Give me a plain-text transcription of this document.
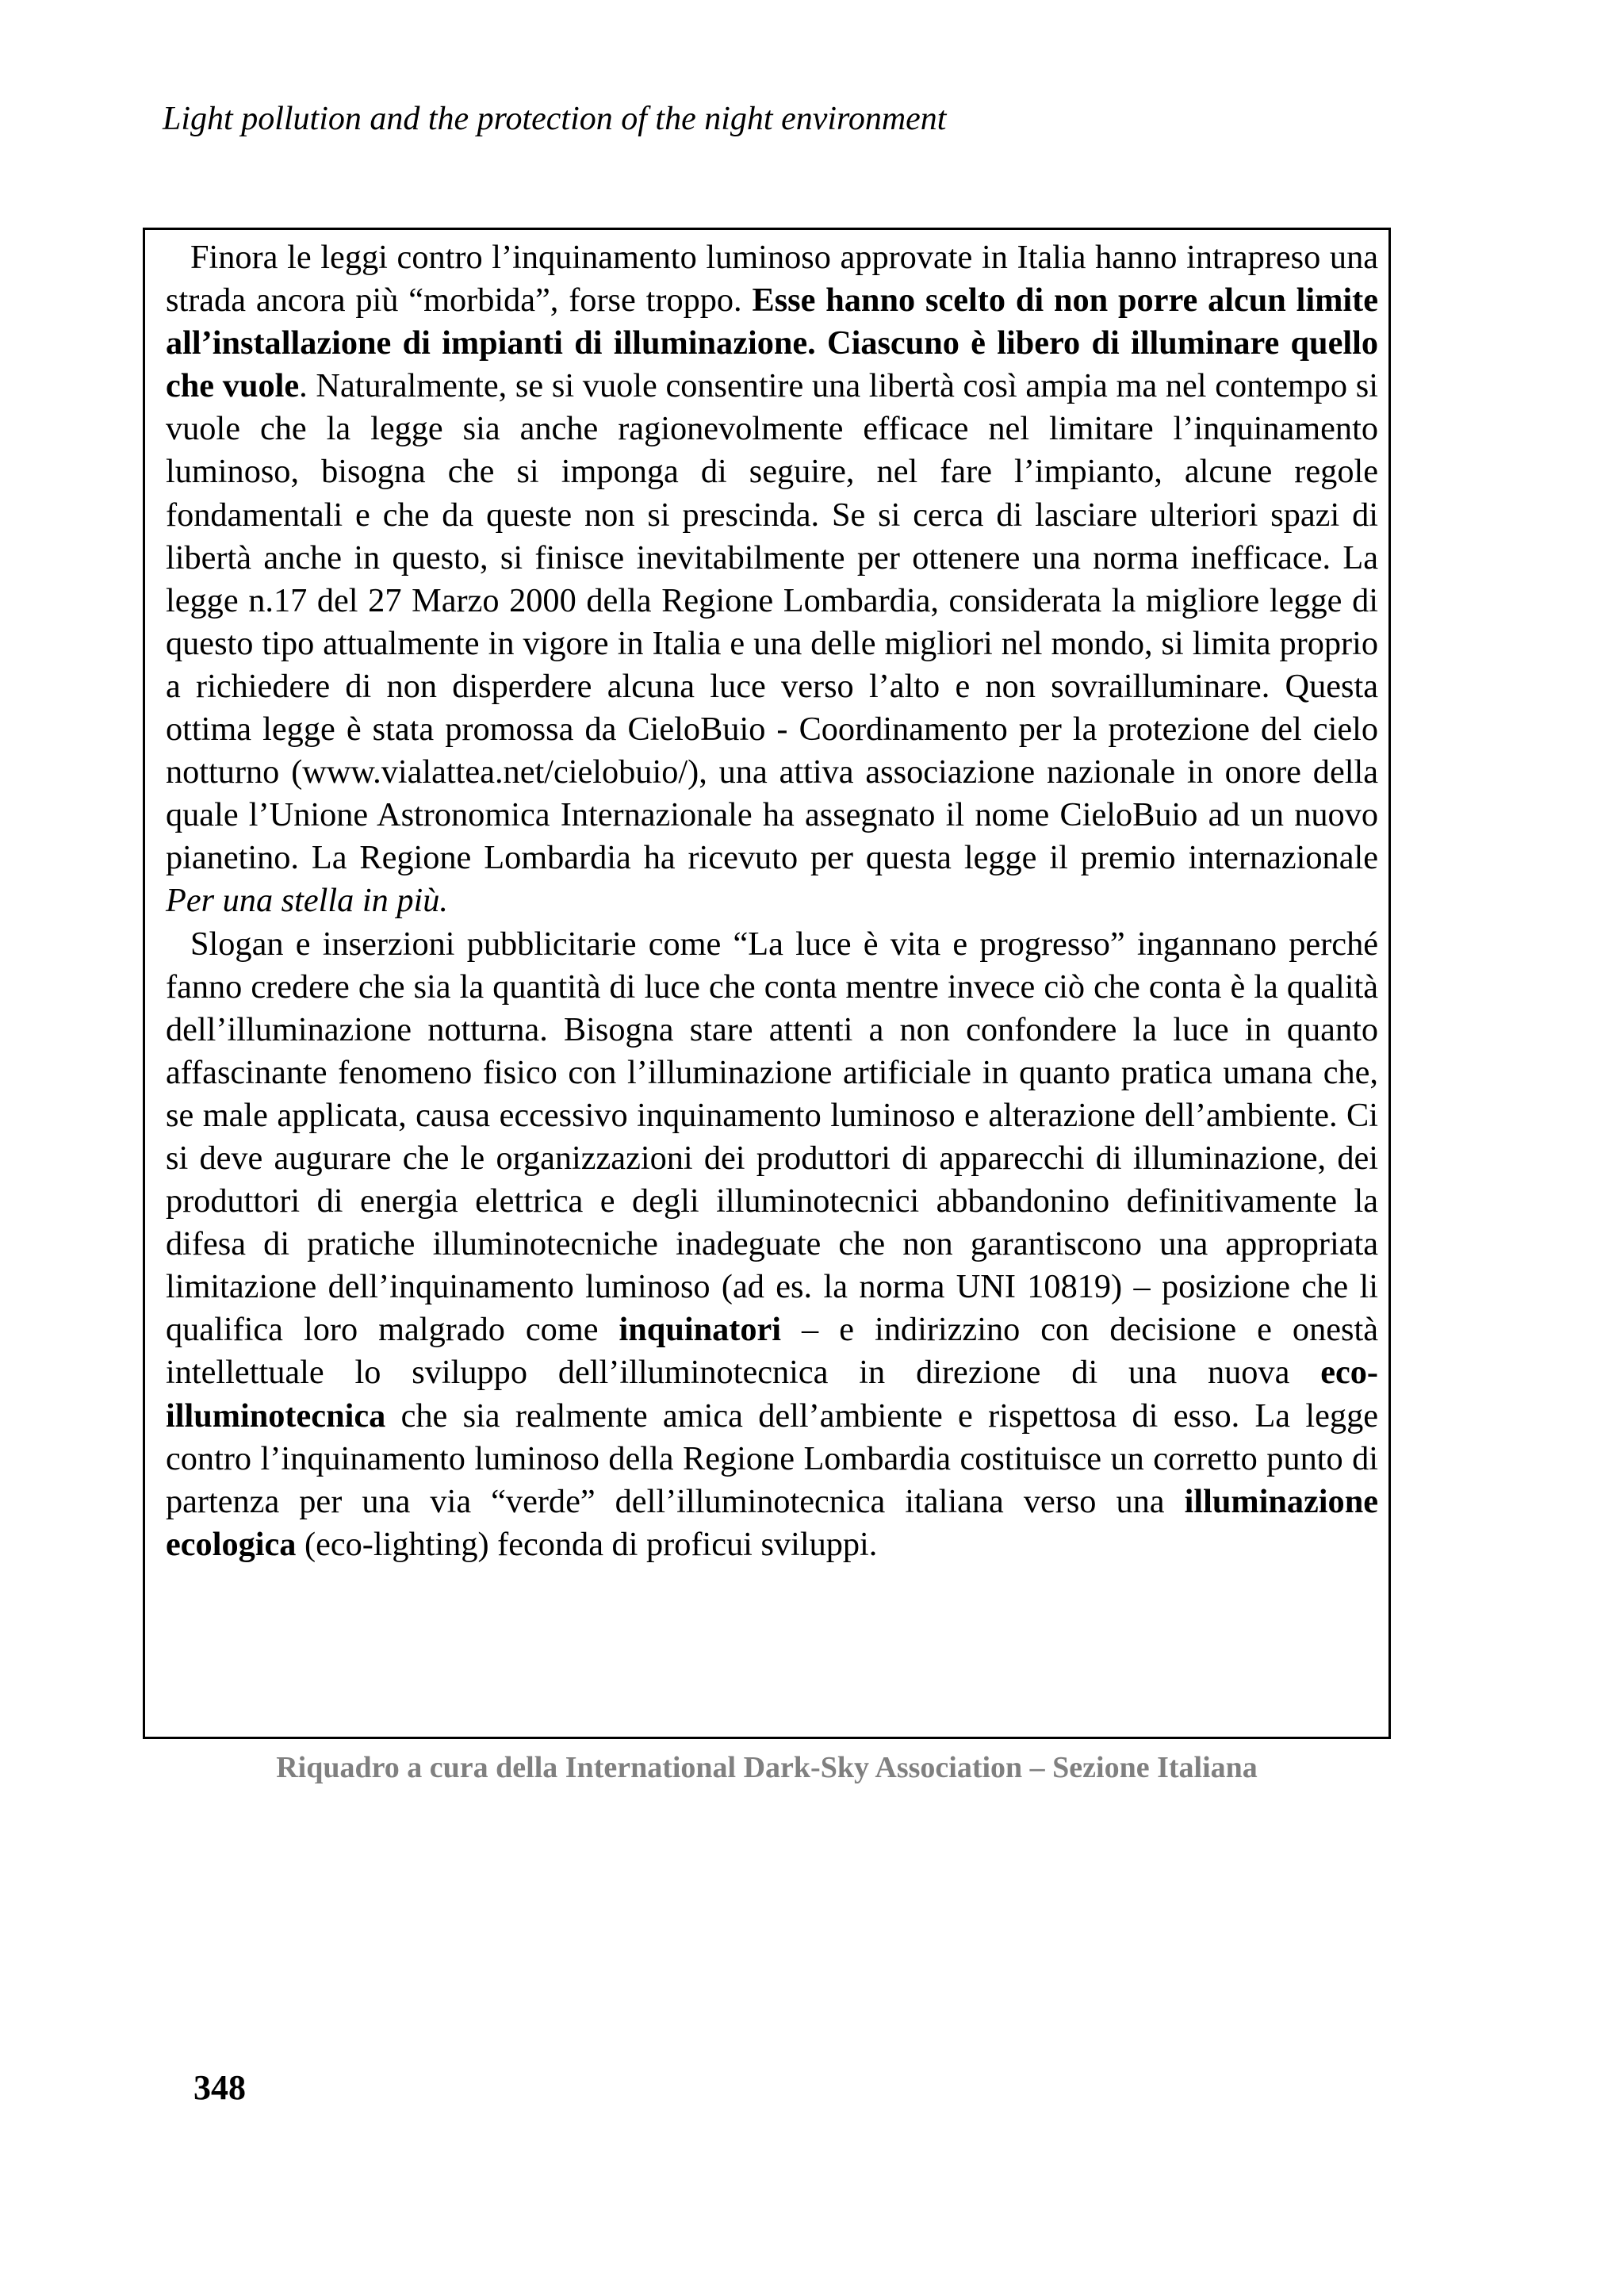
Light pollution and the protection of the night environment

Finora le leggi contro l’inquinamento luminoso approvate in Italia hanno intrapreso una strada ancora più “morbida”, forse troppo. Esse hanno scelto di non porre alcun limite all’installazione di impianti di illuminazione. Ciascuno è libero di illuminare quello che vuole. Naturalmente, se si vuole consentire una libertà così ampia ma nel contempo si vuole che la legge sia anche ragionevolmente efficace nel limitare l’inquinamento luminoso, bisogna che si imponga di seguire, nel fare l’impianto, alcune regole fondamentali e che da queste non si prescinda. Se si cerca di lasciare ulteriori spazi di libertà anche in questo, si finisce inevitabilmente per ottenere una norma inefficace. La legge n.17 del 27 Marzo 2000 della Regione Lombardia, considerata la migliore legge di questo tipo attualmente in vigore in Italia e una delle migliori nel mondo, si limita proprio a richiedere di non disperdere alcuna luce verso l’alto e non sovrailluminare. Questa ottima legge è stata promossa da CieloBuio - Coordinamento per la protezione del cielo notturno (www.vialattea.net/cielobuio/), una attiva associazione nazionale in onore della quale l’Unione Astronomica Internazionale ha assegnato il nome CieloBuio ad un nuovo pianetino. La Regione Lombardia ha ricevuto per questa legge il premio internazionale Per una stella in più.

Slogan e inserzioni pubblicitarie come “La luce è vita e progresso” ingannano perché fanno credere che sia la quantità di luce che conta mentre invece ciò che conta è la qualità dell’illuminazione notturna. Bisogna stare attenti a non confondere la luce in quanto affascinante fenomeno fisico con l’illuminazione artificiale in quanto pratica umana che, se male applicata, causa eccessivo inquinamento luminoso e alterazione dell’ambiente. Ci si deve augurare che le organizzazioni dei produttori di apparecchi di illuminazione, dei produttori di energia elettrica e degli illuminotecnici abbandonino definitivamente la difesa di pratiche illuminotecniche inadeguate che non garantiscono una appropriata limitazione dell’inquinamento luminoso (ad es. la norma UNI 10819) – posizione che li qualifica loro malgrado come inquinatori – e indirizzino con decisione e onestà intellettuale lo sviluppo dell’illuminotecnica in direzione di una nuova eco-illuminotecnica che sia realmente amica dell’ambiente e rispettosa di esso. La legge contro l’inquinamento luminoso della Regione Lombardia costituisce un corretto punto di partenza per una via “verde” dell’illuminotecnica italiana verso una illuminazione ecologica (eco-lighting) feconda di proficui sviluppi.

Riquadro a cura della International Dark-Sky Association – Sezione Italiana
348
